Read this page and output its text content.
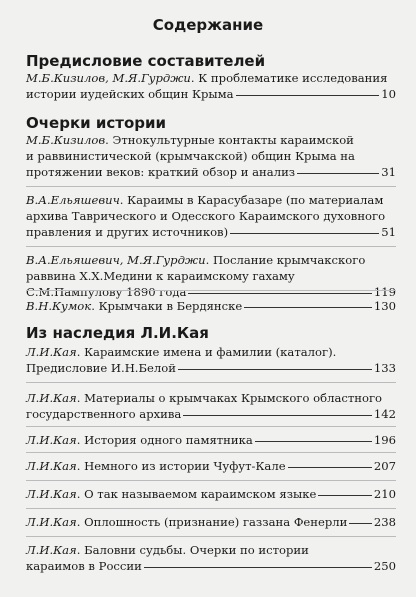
Содержание
Предисловие составителей
М.Б.Кизилов, М.Я.Гурджи. К проблематике исследования
истории иудейских общин Крыма	10
Очерки истории
М.Б.Кизилов. Этнокультурные контакты караимской
и раввинистической (крымчакской) общин Крыма на
протяжении веков: краткий обзор и анализ	31
В.А.Ельяшевич. Караимы в Карасубазаре (по материалам
архива Таврического и Одесского Караимского духовного
правления и других источников)	51
В.А.Ельяшевич, М.Я.Гурджи. Послание крымчакского
раввина Х.Х.Медини к караимскому гахаму
С.М.Пампулову 1890 года	119
В.Н.Кумок. Крымчаки в Бердянске	130
Из наследия Л.И.Кая
Л.И.Кая. Караимские имена и фамилии (каталог).
Предисловие И.Н.Белой	133
Л.И.Кая. Материалы о крымчаках Крымского областного
государственного архива	142
Л.И.Кая. История одного памятника	196
Л.И.Кая. Немного из истории Чуфут-Кале	207
Л.И.Кая. О так называемом караимском языке	210
Л.И.Кая. Оплошность (признание) газзана Фенерли 238
Л.И.Кая. Баловни судьбы. Очерки по истории
караимов в России	250
